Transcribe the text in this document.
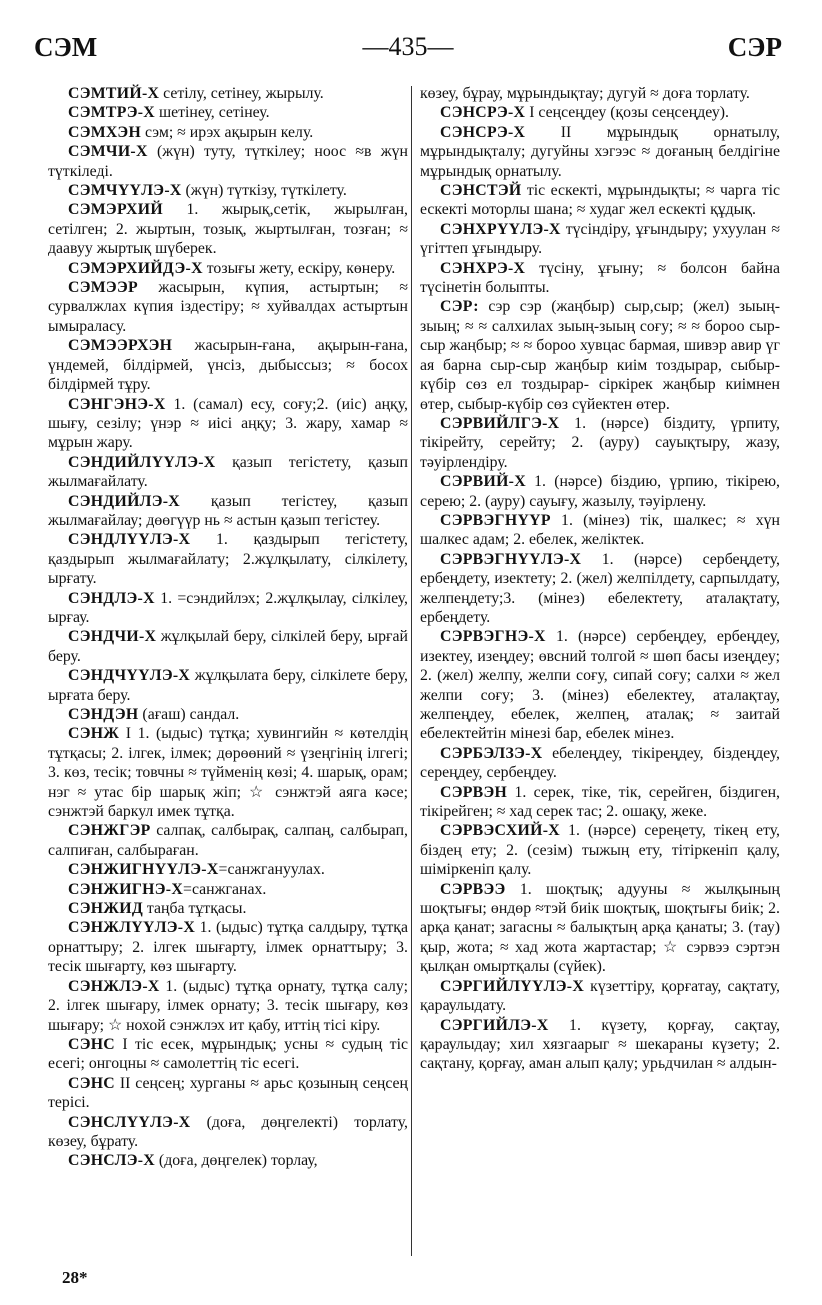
СЭМ	—435—	СЭР

СЭМТИЙ-Х сетілу, сетінеу, жырылу.

СЭМТРЭ-Х шетінеу, сетінеу.

СЭМХЭН сэм; ≈ ирэх ақырын келу.

СЭМЧИ-Х (жүн) туту, түткілеу; ноос ≈в жүн түткіледі.

СЭМЧҮҮЛЭ-Х (жүн) түткізу, түткілету.

СЭМЭРХИЙ 1. жырық,сетік, жырылған, сетілген; 2. жыртын, тозық, жыртылған, тозған; ≈ даавуу жыртық шүберек.

СЭМЭРХИЙДЭ-Х тозығы жету, ескіру, көнеру.

СЭМЭЭР жасырын, күпия, астыртын; ≈ сурвалжлах күпия іздестіру; ≈ хуйвалдах астыртын ымыраласу.

СЭМЭЭРХЭН жасырын-ғана, ақырын-ғана, үндемей, білдірмей, үнсіз, дыбыссыз; ≈ босох білдірмей тұру.

СЭНГЭНЭ-Х 1. (самал) есу, соғу;2. (иіс) аңқу, шығу, сезілу; үнэр ≈ иісі аңқу; 3. жару, хамар ≈ мұрын жару.

СЭНДИЙЛҮҮЛЭ-Х қазып тегістету, қазып жылмағайлату.

СЭНДИЙЛЭ-Х қазып тегістеу, қазып жылмағайлау; дөөгүүр нь ≈ астын қазып тегістеу.

СЭНДЛҮҮЛЭ-Х 1. қаздырып тегістету, қаздырып жылмағайлату; 2.жұлқылату, сілкілету, ырғату.

СЭНДЛЭ-Х 1. =сэндийлэх; 2.жұлқылау, сілкілеу, ырғау.

СЭНДЧИ-Х жұлқылай беру, сілкілей беру, ырғай беру.

СЭНДЧҮҮЛЭ-Х жұлқылата беру, сілкілете беру, ырғата беру.

СЭНДЭН (ағаш) сандал.

СЭНЖ I 1. (ыдыс) тұтқа; хувингийн ≈ көтелдің тұтқасы; 2. ілгек, ілмек; дөрөөний ≈ үзеңгінің ілгегі; 3. көз, тесік; товчны ≈ түйменің көзі; 4. шарық, орам; нэг ≈ утас бір шарық жіп; ☆ сэнжтэй аяга кәсе; сэнжтэй баркул имек тұтқа.

СЭНЖГЭР салпақ, салбырақ, салпаң, салбырап, салпиған, салбыраған.

СЭНЖИГНҮҮЛЭ-Х=санжгануулах.

СЭНЖИГНЭ-Х=санжганах.

СЭНЖИД таңба тұтқасы.

СЭНЖЛҮҮЛЭ-Х 1. (ыдыс) тұтқа салдыру, тұтқа орнаттыру; 2. ілгек шығарту, ілмек орнаттыру; 3. тесік шығарту, көз шығарту.

СЭНЖЛЭ-Х 1. (ыдыс) тұтқа орнату, тұтқа салу; 2. ілгек шығару, ілмек орнату; 3. тесік шығару, көз шығару; ☆ нохой сэнжлэх ит қабу, иттің тісі кіру.

СЭНС I тіс есек, мұрындық; усны ≈ судың тіс есегі; онгоцны ≈ самолеттің тіс есегі.

СЭНС II сеңсең; хурганы ≈ арьс қозының сеңсең терісі.

СЭНСЛҮҮЛЭ-Х (доға, дөңгелекті) торлату, көзеу, бұрату.

СЭНСЛЭ-Х (доға, дөңгелек) торлау,

көзеу, бұрау, мұрындықтау; дугуй ≈ доға торлату.

СЭНСРЭ-Х I сеңсеңдеу (қозы сеңсеңдеу).

СЭНСРЭ-Х II мұрындық орнатылу, мұрындықталу; дугуйны хэгээс ≈ доғаның белдігіне мұрындық орнатылу.

СЭНСТЭЙ тіс ескекті, мұрындықты; ≈ чарга тіс ескекті моторлы шана; ≈ худаг жел ескекті құдық.

СЭНХРҮҮЛЭ-Х түсіндіру, ұғындыру; ухуулан ≈ үгіттеп ұғындыру.

СЭНХРЭ-Х түсіну, ұғыну; ≈ болсон байна түсінетін болыпты.

СЭР: сэр сэр (жаңбыр) сыр,сыр; (жел) зыың-зыың; ≈ ≈ салхилах зыың-зыың соғу; ≈ ≈ бороо сыр-сыр жаңбыр; ≈ ≈ бороо хувцас бармая, шивэр авир үг ая барна сыр-сыр жаңбыр киім тоздырар, сыбыр-күбір сөз ел тоздырар- сіркірек жаңбыр киімнен өтер, сыбыр-күбір сөз сүйектен өтер.

СЭРВИЙЛГЭ-Х 1. (нәрсе) біздиту, үрпиту, тікірейту, серейту; 2. (ауру) сауықтыру, жазу, тәуірлендіру.

СЭРВИЙ-Х 1. (нәрсе) біздию, үрпию, тікірею, серею; 2. (ауру) сауығу, жазылу, тәуірлену.

СЭРВЭГНҮҮР 1. (мінез) тік, шалкес; ≈ хүн шалкес адам; 2. ебелек, желіктек.

СЭРВЭГНҮҮЛЭ-Х 1. (нәрсе) сербеңдету, ербеңдету, изектету; 2. (жел) желпілдету, сарпылдату, желпеңдету;3. (мінез) ебелектету, аталақтату, ербеңдету.

СЭРВЭГНЭ-Х 1. (нәрсе) сербеңдеу, ербеңдеу, изектеу, изеңдеу; өвсний толгой ≈ шөп басы изеңдеу; 2. (жел) желпу, желпи соғу, сипай соғу; салхи ≈ жел желпи соғу; 3. (мінез) ебелектеу, аталақтау, желпеңдеу, ебелек, желпең, аталақ; ≈ заитай ебелектейтін мінезі бар, ебелек мінез.

СЭРБЭЛЗЭ-Х ебелеңдеу, тікіреңдеу, біздеңдеу, сереңдеу, сербеңдеу.

СЭРВЭН 1. серек, тіке, тік, серейген, біздиген, тікірейген; ≈ хад серек тас; 2. ошақу, жеке.

СЭРВЭСХИЙ-Х 1. (нәрсе) сереңету, тікең ету, біздең ету; 2. (сезім) тыжың ету, тітіркеніп қалу, шіміркеніп қалу.

СЭРВЭЭ 1. шоқтық; адууны ≈ жылқының шоқтығы; өндөр ≈тэй биік шоқтық, шоқтығы биік; 2. арқа қанат; загасны ≈ балықтың арқа қанаты; 3. (тау) қыр, жота; ≈ хад жота жартастар; ☆ сэрвээ сэртэн қылқан омыртқалы (сүйек).

СЭРГИЙЛҮҮЛЭ-Х күзеттіру, қорғатау, сақтату, қараулыдату.

СЭРГИЙЛЭ-Х 1. күзету, қорғау, сақтау, қараулыдау; хил хязгаарыг ≈ шекараны күзету; 2. сақтану, қорғау, аман алып қалу; урьдчилан ≈ алдын-

28*
